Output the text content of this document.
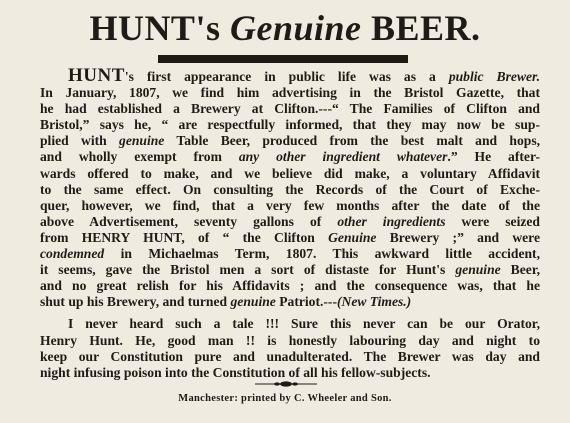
HUNT's Genuine BEER.
HUNT's first appearance in public life was as a public Brewer.
In January, 1807, we find him advertising in the Bristol Gazette, that
he had established a Brewery at Clifton.---“ The Families of Clifton and
Bristol,” says he, “ are respectfully informed, that they may now be sup-
plied with genuine Table Beer, produced from the best malt and hops,
and wholly exempt from any other ingredient whatever.” He after-
wards offered to make, and we believe did make, a voluntary Affidavit
to the same effect. On consulting the Records of the Court of Exche-
quer, however, we find, that a very few months after the date of the
above Advertisement, seventy gallons of other ingredients were seized
from HENRY HUNT, of “ the Clifton Genuine Brewery ;” and were
condemned in Michaelmas Term, 1807. This awkward little accident,
it seems, gave the Bristol men a sort of distaste for Hunt's genuine Beer,
and no great relish for his Affidavits ; and the consequence was, that he
shut up his Brewery, and turned genuine Patriot.---(New Times.)
I never heard such a tale !!! Sure this never can be our Orator,
Henry Hunt. He, good man !! is honestly labouring day and night to
keep our Constitution pure and unadulterated. The Brewer was day and
night infusing poison into the Constitution of all his fellow-subjects.
Manchester: printed by C. Wheeler and Son.
